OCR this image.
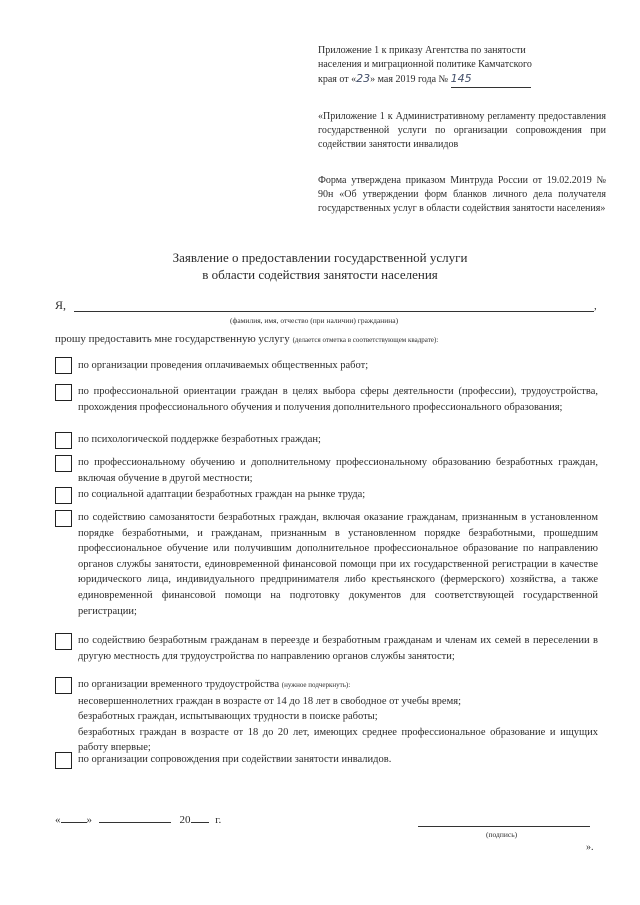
Приложение 1 к приказу Агентства по занятости
населения и миграционной политике Камчатского
края от «23» мая 2019 года № 145
«Приложение 1 к Административному регламенту предоставления государственной услуги по организации сопровождения при содействии занятости инвалидов
Форма утверждена приказом Минтруда России от 19.02.2019 № 90н «Об утверждении форм бланков личного дела получателя государственных услуг в области содействия занятости населения»
Заявление о предоставлении государственной услуги
в области содействия занятости населения
Я,	,
(фамилия, имя, отчество (при наличии) гражданина)
прошу предоставить мне государственную услугу (делается отметка в соответствующем квадрате):
по организации проведения оплачиваемых общественных работ;
по профессиональной ориентации граждан в целях выбора сферы деятельности (профессии), трудоустройства, прохождения профессионального обучения и получения дополнительного профессионального образования;
по психологической поддержке безработных граждан;
по профессиональному обучению и дополнительному профессиональному образованию безработных граждан, включая обучение в другой местности;
по социальной адаптации безработных граждан на рынке труда;
по содействию самозанятости безработных граждан, включая оказание гражданам, признанным в установленном порядке безработными, и гражданам, признанным в установленном порядке безработными, прошедшим профессиональное обучение или получившим дополнительное профессиональное образование по направлению органов службы занятости, единовременной финансовой помощи при их государственной регистрации в качестве юридического лица, индивидуального предпринимателя либо крестьянского (фермерского) хозяйства, а также единовременной финансовой помощи на подготовку документов для соответствующей государственной регистрации;
по содействию безработным гражданам в переезде и безработным гражданам и членам их семей в переселении в другую местность для трудоустройства по направлению органов службы занятости;
по организации временного трудоустройства (нужное подчеркнуть):
несовершеннолетних граждан в возрасте от 14 до 18 лет в свободное от учебы время;
безработных граждан, испытывающих трудности в поиске работы;
безработных граждан в возрасте от 18 до 20 лет, имеющих среднее профессиональное образование и ищущих работу впервые;
по организации сопровождения при содействии занятости инвалидов.
« »	20 г.
(подпись)
».
